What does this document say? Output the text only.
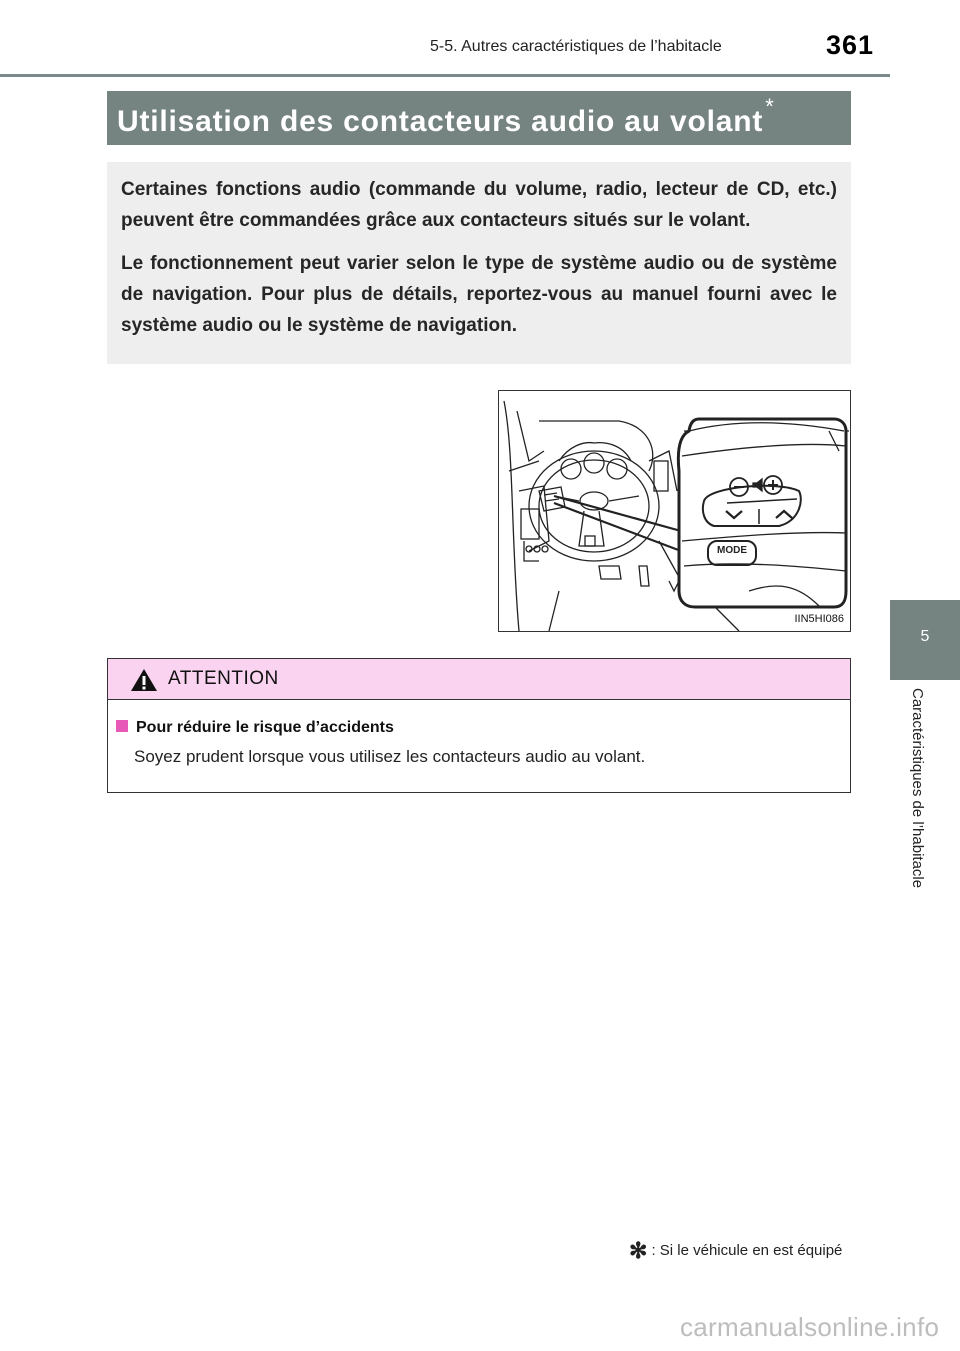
5-5. Autres caractéristiques de l’habitacle	361
5
Caractéristiques de l’habitacle
Utilisation des contacteurs audio au volant*

Certaines fonctions audio (commande du volume, radio, lecteur de CD, etc.) peuvent être commandées grâce aux contacteurs situés sur le volant.

Le fonctionnement peut varier selon le type de système audio ou de système de navigation. Pour plus de détails, reportez-vous au manuel fourni avec le système audio ou le système de navigation.

MODE
IIN5HI086
ATTENTION
Pour réduire le risque d’accidents
Soyez prudent lorsque vous utilisez les contacteurs audio au volant.
✻ : Si le véhicule en est équipé
carmanualsonline.info
